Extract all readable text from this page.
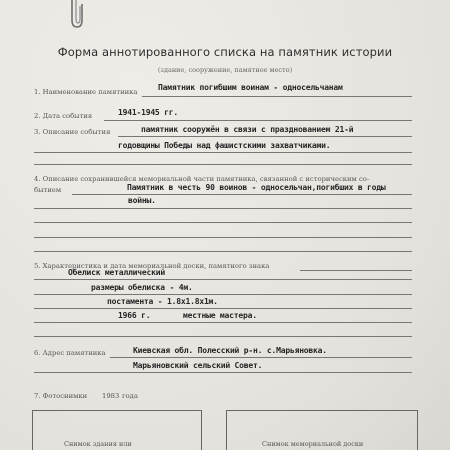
Форма аннотированного списка на памятник истории
(здание, сооружение, памятное место)
1. Наименование памятника	Памятник погибшим воинам - односельчанам
2. Дата события	1941-1945 гг.
3. Описание события	памятник сооружён в связи с празднованием 21-й
годовщины Победы над фашистскими захватчиками.
4. Описание сохранившейся мемориальной части памятника, связанной с историческим со-
бытием	Памятник в честь 90 воинов - односельчан,погибших в годы
войны.
5. Характеристика и дата мемориальной доски, памятного знака
Обелиск металлический
размеры обелиска - 4м.
постамента - 1.8х1.8х1м.
1966 г.	местные мастера.
6. Адрес памятника	Киевская обл. Полесский р-н. с.Марьяновка.
Марьяновский сельский Совет.
7. Фотоснимки 1983 года
Снимок здания или	Снимок мемориальной доски
